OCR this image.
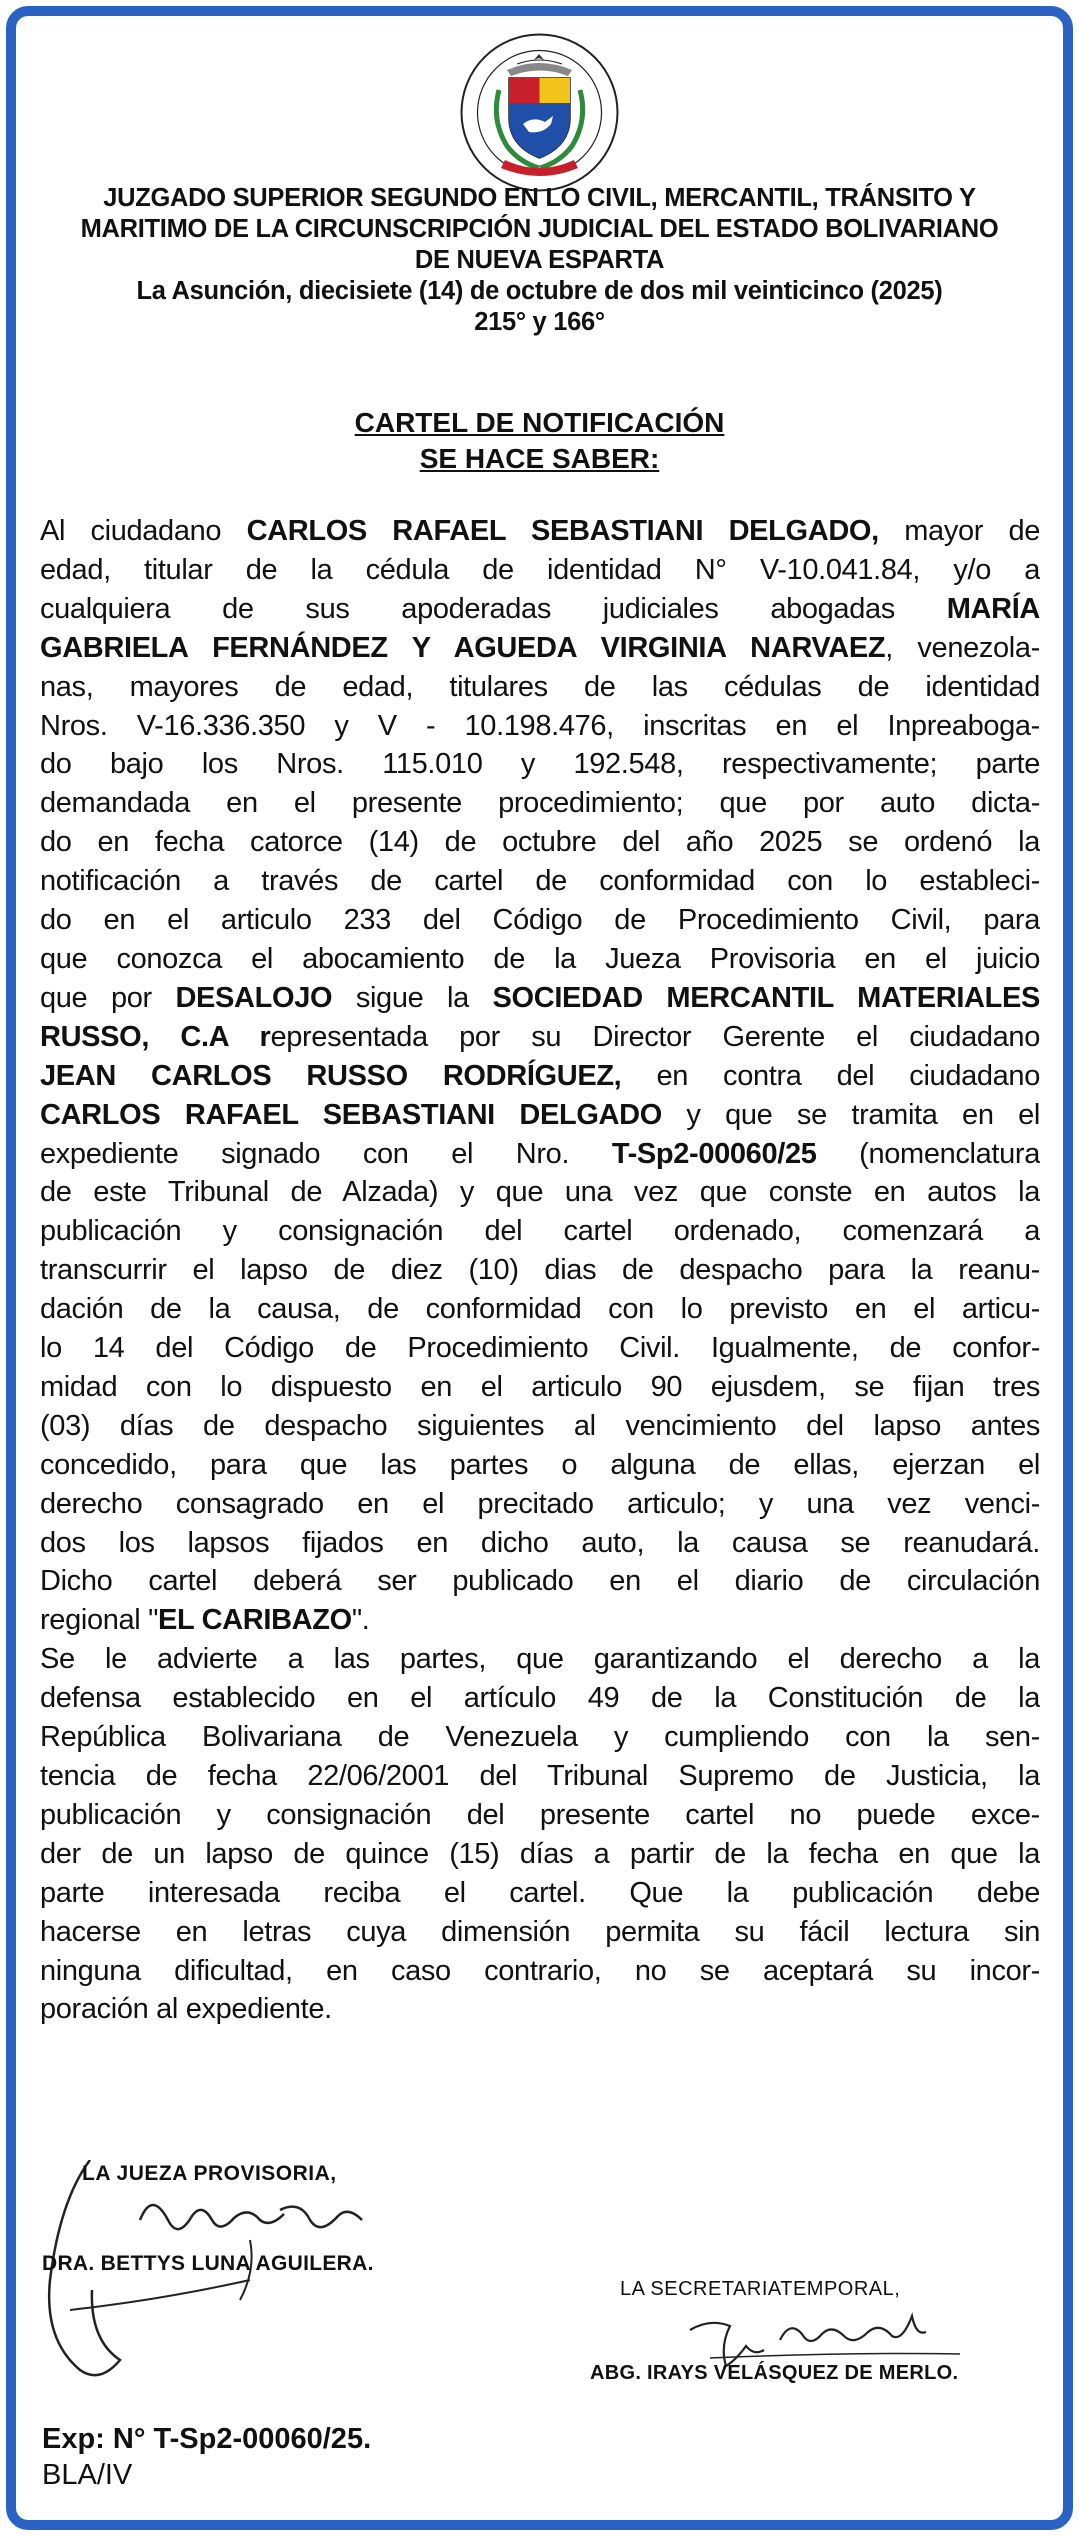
JUZGADO SUPERIOR SEGUNDO EN LO CIVIL, MERCANTIL, TRÁNSITO Y
MARITIMO DE LA CIRCUNSCRIPCIÓN JUDICIAL DEL ESTADO BOLIVARIANO
DE NUEVA ESPARTA
La Asunción, diecisiete (14) de octubre de dos mil veinticinco (2025)
215° y 166°
CARTEL DE NOTIFICACIÓN
SE HACE SABER:
Al ciudadano CARLOS RAFAEL SEBASTIANI DELGADO, mayor de
edad, titular de la cédula de identidad N° V-10.041.84, y/o a
cualquiera de sus apoderadas judiciales abogadas MARÍA
GABRIELA FERNÁNDEZ Y AGUEDA VIRGINIA NARVAEZ, venezola-
nas, mayores de edad, titulares de las cédulas de identidad
Nros. V-16.336.350 y V - 10.198.476, inscritas en el Inpreaboga-
do bajo los Nros. 115.010 y 192.548, respectivamente; parte
demandada en el presente procedimiento; que por auto dicta-
do en fecha catorce (14) de octubre del año 2025 se ordenó la
notificación a través de cartel de conformidad con lo estableci-
do en el articulo 233 del Código de Procedimiento Civil, para
que conozca el abocamiento de la Jueza Provisoria en el juicio
que por DESALOJO sigue la SOCIEDAD MERCANTIL MATERIALES
RUSSO, C.A representada por su Director Gerente el ciudadano
JEAN CARLOS RUSSO RODRÍGUEZ, en contra del ciudadano
CARLOS RAFAEL SEBASTIANI DELGADO y que se tramita en el
expediente signado con el Nro. T-Sp2-00060/25 (nomenclatura
de este Tribunal de Alzada) y que una vez que conste en autos la
publicación y consignación del cartel ordenado, comenzará a
transcurrir el lapso de diez (10) dias de despacho para la reanu-
dación de la causa, de conformidad con lo previsto en el articu-
lo 14 del Código de Procedimiento Civil. Igualmente, de confor-
midad con lo dispuesto en el articulo 90 ejusdem, se fijan tres
(03) días de despacho siguientes al vencimiento del lapso antes
concedido, para que las partes o alguna de ellas, ejerzan el
derecho consagrado en el precitado articulo; y una vez venci-
dos los lapsos fijados en dicho auto, la causa se reanudará.
Dicho cartel deberá ser publicado en el diario de circulación
regional "EL CARIBAZO".
Se le advierte a las partes, que garantizando el derecho a la
defensa establecido en el artículo 49 de la Constitución de la
República Bolivariana de Venezuela y cumpliendo con la sen-
tencia de fecha 22/06/2001 del Tribunal Supremo de Justicia, la
publicación y consignación del presente cartel no puede exce-
der de un lapso de quince (15) días a partir de la fecha en que la
parte interesada reciba el cartel. Que la publicación debe
hacerse en letras cuya dimensión permita su fácil lectura sin
ninguna dificultad, en caso contrario, no se aceptará su incor-
poración al expediente.
LA JUEZA PROVISORIA,
DRA. BETTYS LUNA AGUILERA.
LA SECRETARIATEMPORAL,
ABG. IRAYS VELÁSQUEZ DE MERLO.
Exp: N° T-Sp2-00060/25.
BLA/IV
